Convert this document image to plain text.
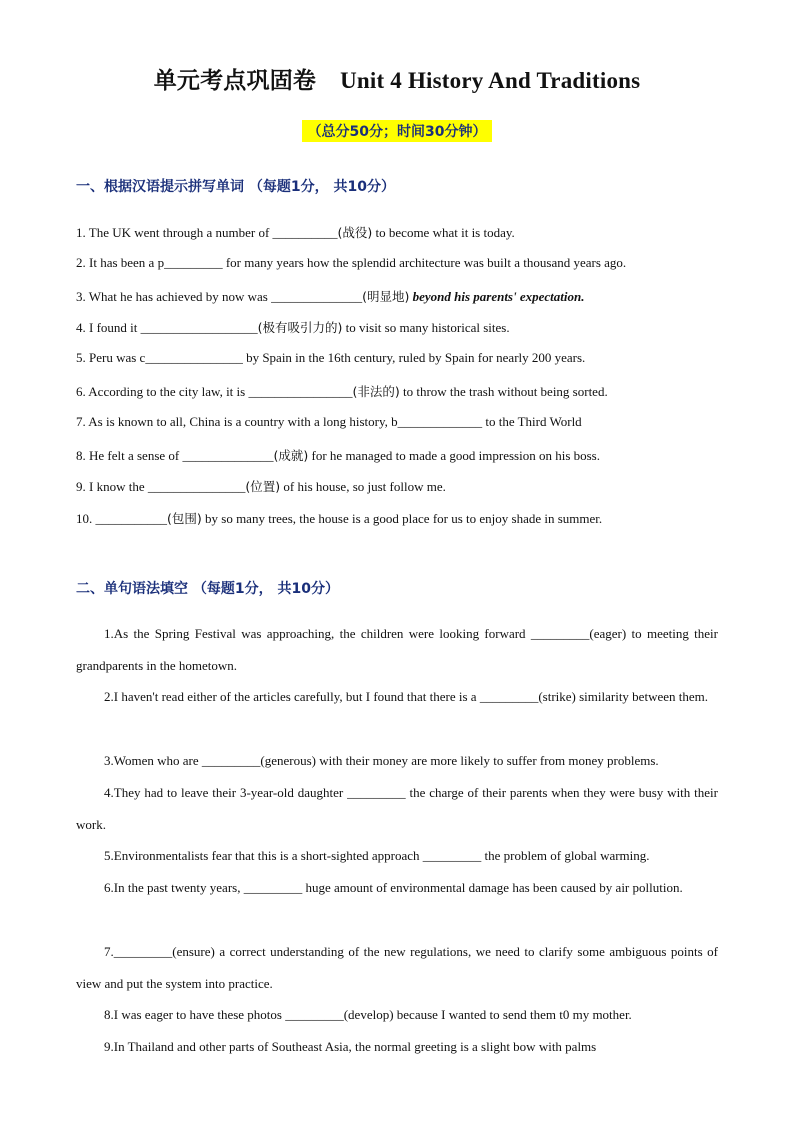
单元考点巩固卷 Unit 4 History And Traditions
（总分50分；时间30分钟）
一、根据汉语提示拼写单词 （每题1分， 共10分）
1. The UK went through a number of __________(战役) to become what it is today.
2. It has been a p_________ for many years how the splendid architecture was built a thousand years ago.
3. What he has achieved by now was ______________(明显地) beyond his parents' expectation.
4. I found it __________________(极有吸引力的) to visit so many historical sites.
5. Peru was c_______________ by Spain in the 16th century, ruled by Spain for nearly 200 years.
6. According to the city law, it is ________________(非法的) to throw the trash without being sorted.
7. As is known to all, China is a country with a long history, b_____________ to the Third World
8. He felt a sense of ______________(成就) for he managed to made a good impression on his boss.
9. I know the _______________(位置) of his house, so just follow me.
10. ___________(包围) by so many trees, the house is a good place for us to enjoy shade in summer.
二、单句语法填空 （每题1分， 共10分）
1.As the Spring Festival was approaching, the children were looking forward _________(eager) to meeting their grandparents in the hometown.
2.I haven't read either of the articles carefully, but I found that there is a _________(strike) similarity between them.
3.Women who are _________(generous) with their money are more likely to suffer from money problems.
4.They had to leave their 3-year-old daughter _________ the charge of their parents when they were busy with their work.
5.Environmentalists fear that this is a short-sighted approach _________ the problem of global warming.
6.In the past twenty years, _________ huge amount of environmental damage has been caused by air pollution.
7._________(ensure) a correct understanding of the new regulations, we need to clarify some ambiguous points of view and put the system into practice.
8.I was eager to have these photos _________(develop) because I wanted to send them t0 my mother.
9.In Thailand and other parts of Southeast Asia, the normal greeting is a slight bow with palms
